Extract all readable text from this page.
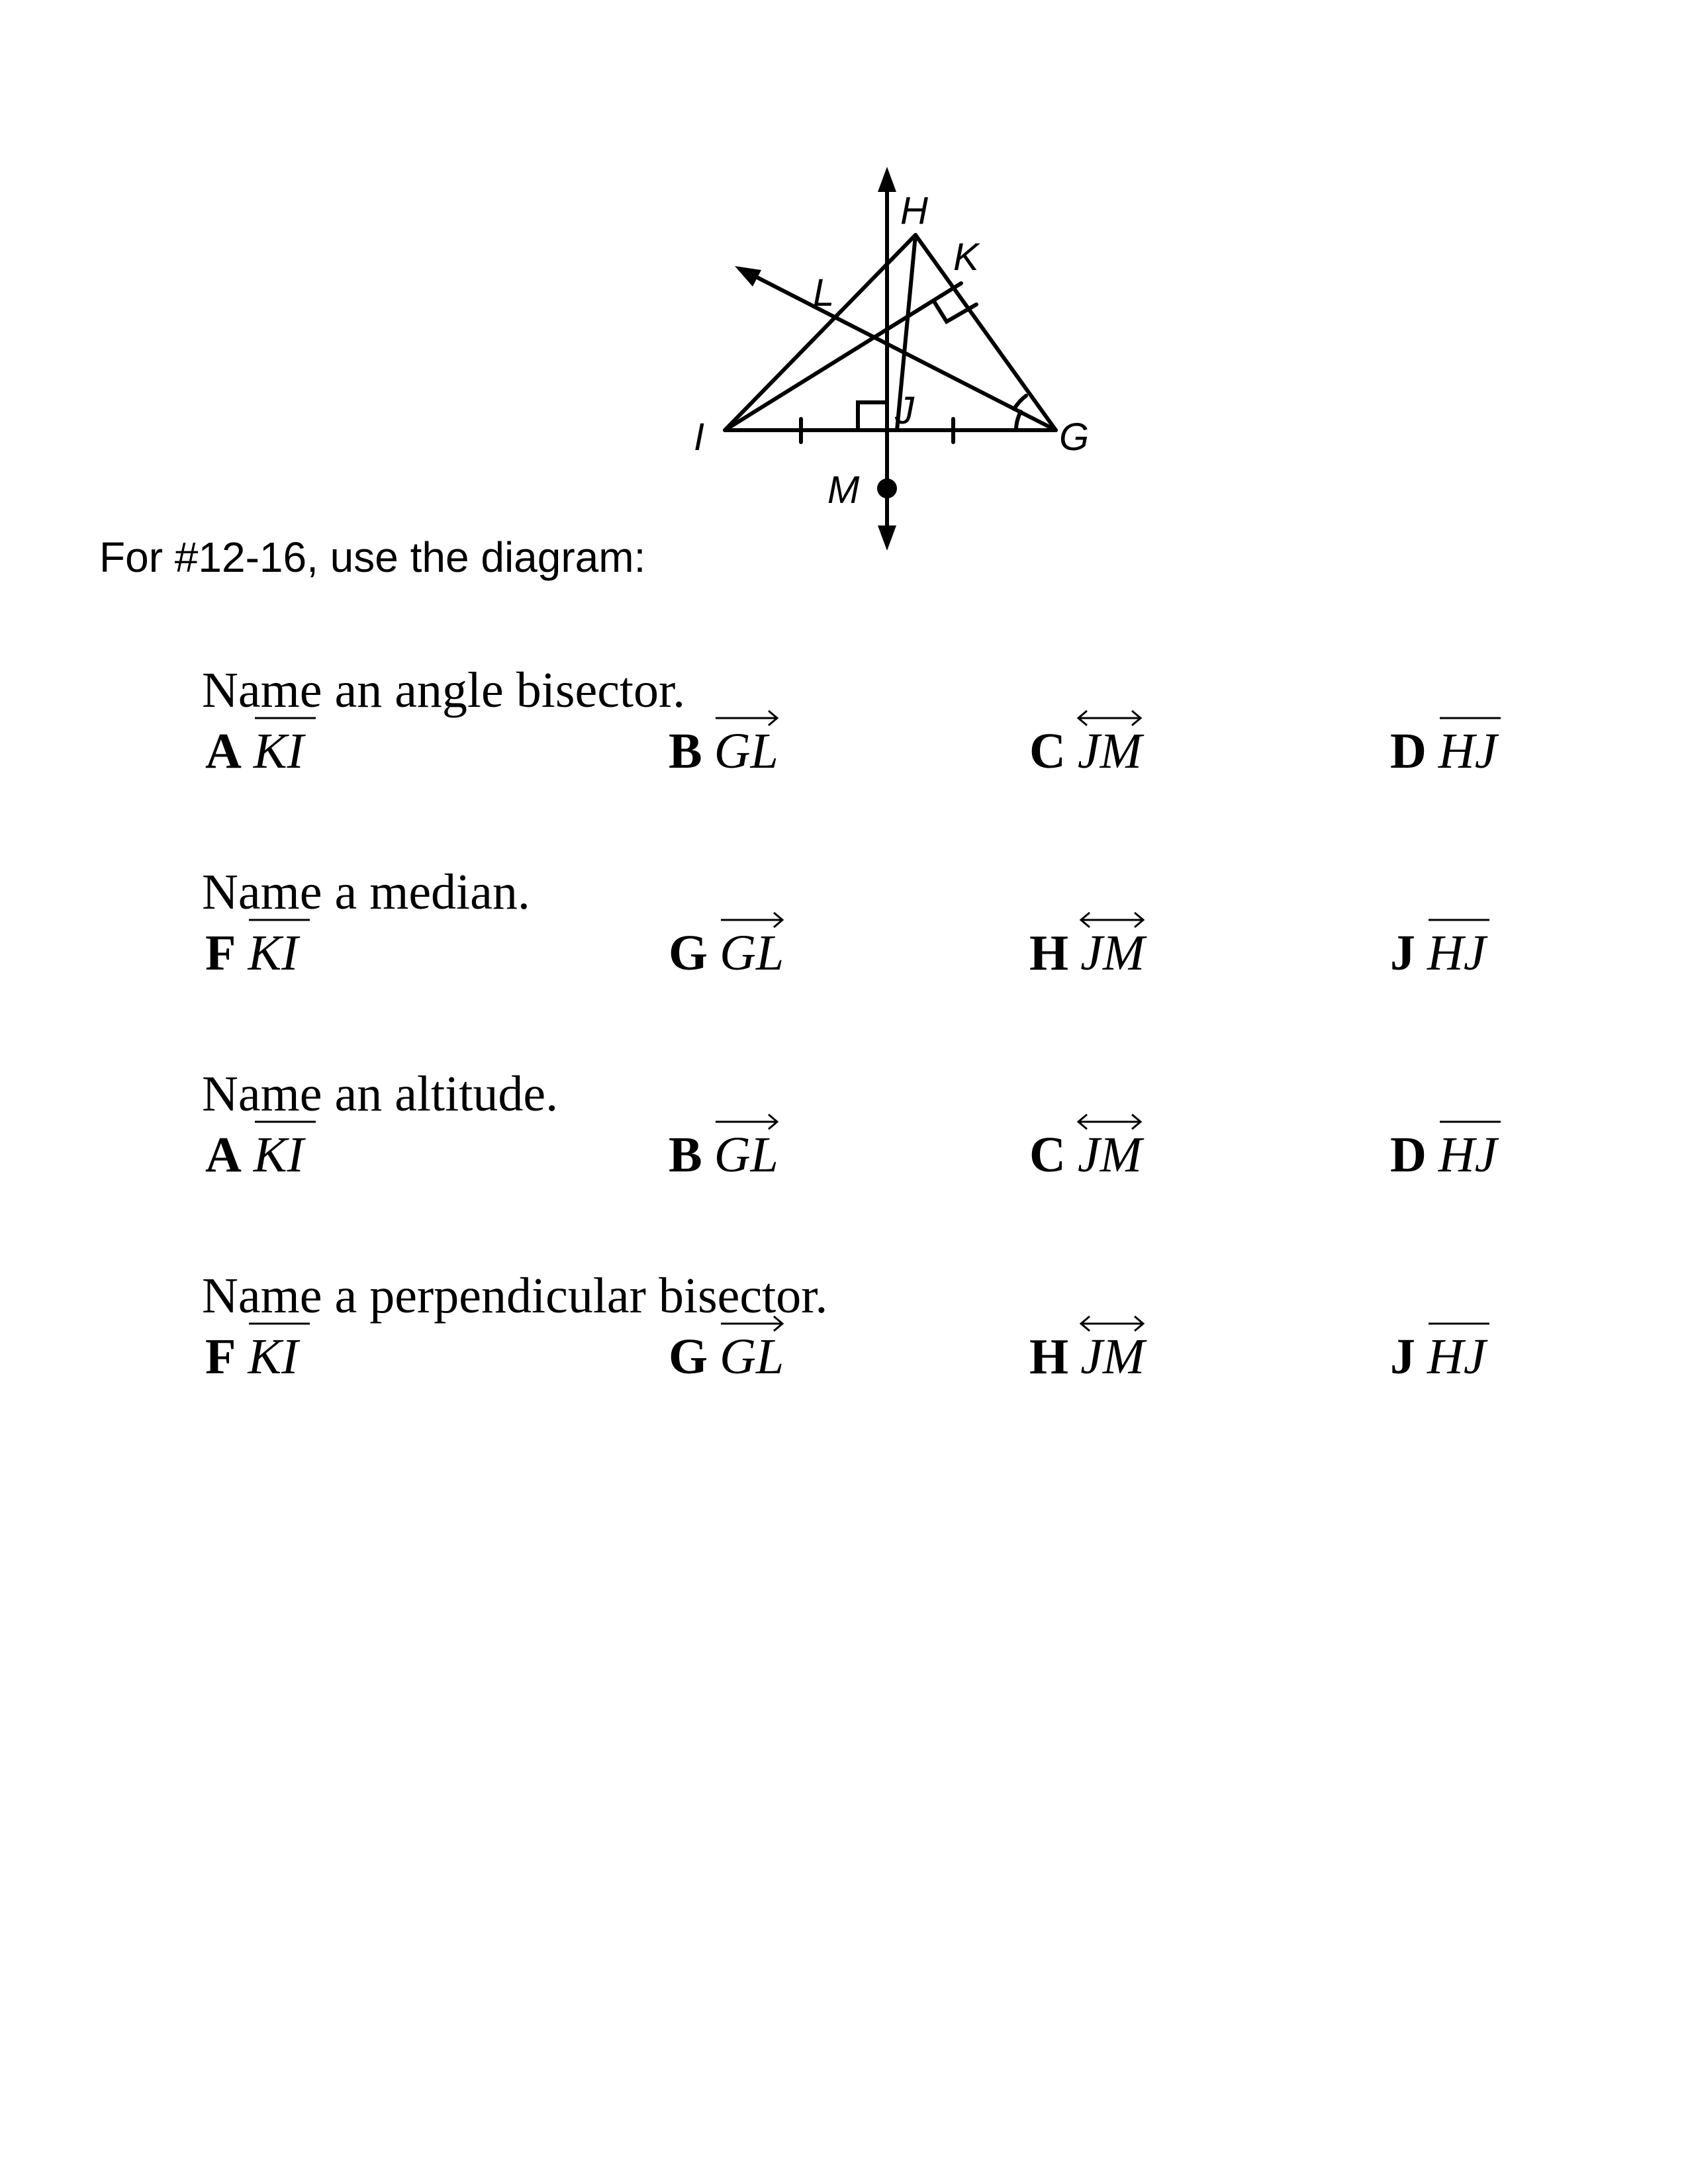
H
K
L
I
J
G
M
For #12-16, use the diagram:
Name an angle bisector.
A KI	B GL	C JM	D HJ
Name a median.
F KI	G GL	H JM	J HJ
Name an altitude.
A KI	B GL	C JM	D HJ
Name a perpendicular bisector.
F KI	G GL	H JM	J HJ
